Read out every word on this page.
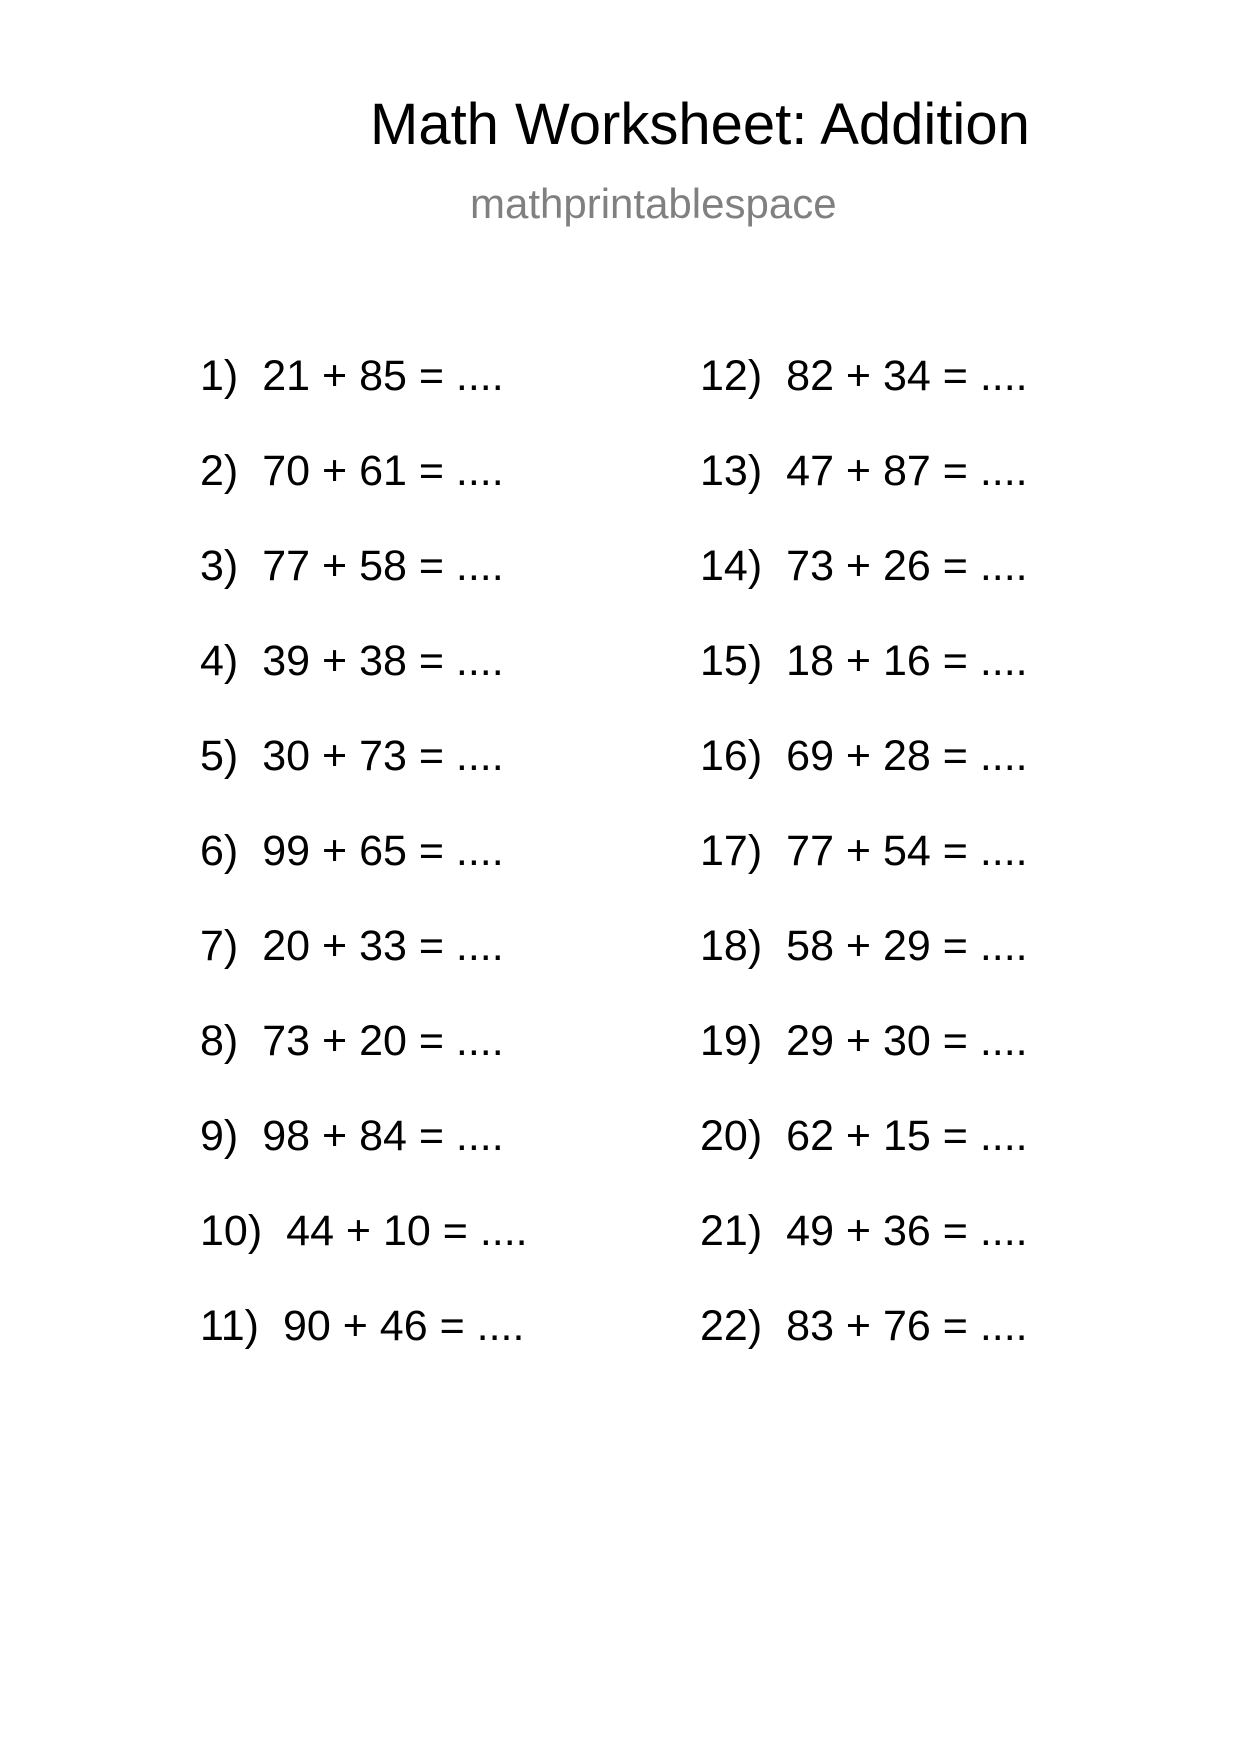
Math Worksheet: Addition
mathprintablespace
1) 21 + 85 = ....
2) 70 + 61 = ....
3) 77 + 58 = ....
4) 39 + 38 = ....
5) 30 + 73 = ....
6) 99 + 65 = ....
7) 20 + 33 = ....
8) 73 + 20 = ....
9) 98 + 84 = ....
10) 44 + 10 = ....
11) 90 + 46 = ....
12) 82 + 34 = ....
13) 47 + 87 = ....
14) 73 + 26 = ....
15) 18 + 16 = ....
16) 69 + 28 = ....
17) 77 + 54 = ....
18) 58 + 29 = ....
19) 29 + 30 = ....
20) 62 + 15 = ....
21) 49 + 36 = ....
22) 83 + 76 = ....
